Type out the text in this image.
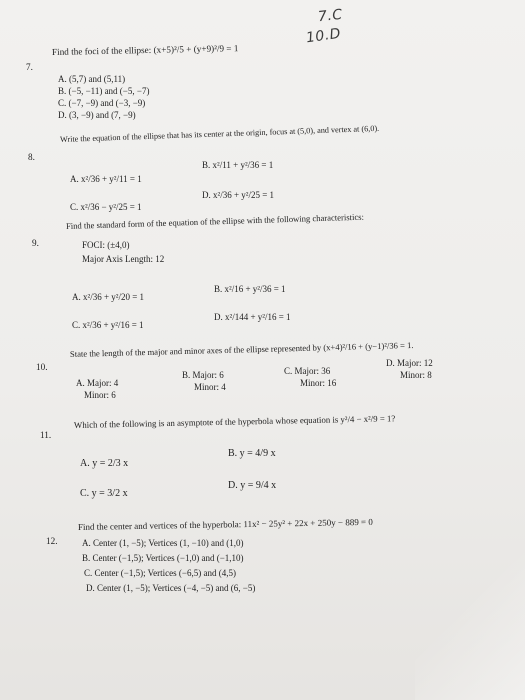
7.C
10.D
7.
Find the foci of the ellipse: (x+5)²/5 + (y+9)²/9 = 1
A. (5,7) and (5,11)
B. (−5, −11) and (−5, −7)
C. (−7, −9) and (−3, −9)
D. (3, −9) and (7, −9)
8.
Write the equation of the ellipse that has its center at the origin, focus at (5,0), and vertex at (6,0).
A. x²/36 + y²/11 = 1
B. x²/11 + y²/36 = 1
C. x²/36 − y²/25 = 1
D. x²/36 + y²/25 = 1
9.
Find the standard form of the equation of the ellipse with the following characteristics:
FOCI: (±4,0)
Major Axis Length: 12
A. x²/36 + y²/20 = 1
B. x²/16 + y²/36 = 1
C. x²/36 + y²/16 = 1
D. x²/144 + y²/16 = 1
10.
State the length of the major and minor axes of the ellipse represented by (x+4)²/16 + (y−1)²/36 = 1.
A. Major: 4
Minor: 6
B. Major: 6
Minor: 4
C. Major: 36
Minor: 16
D. Major: 12
Minor: 8
11.
Which of the following is an asymptote of the hyperbola whose equation is y²/4 − x²/9 = 1?
A. y = 2/3 x
B. y = 4/9 x
C. y = 3/2 x
D. y = 9/4 x
12.
Find the center and vertices of the hyperbola: 11x² − 25y² + 22x + 250y − 889 = 0
A. Center (1, −5); Vertices (1, −10) and (1,0)
B. Center (−1,5); Vertices (−1,0) and (−1,10)
C. Center (−1,5); Vertices (−6,5) and (4,5)
D. Center (1, −5); Vertices (−4, −5) and (6, −5)
